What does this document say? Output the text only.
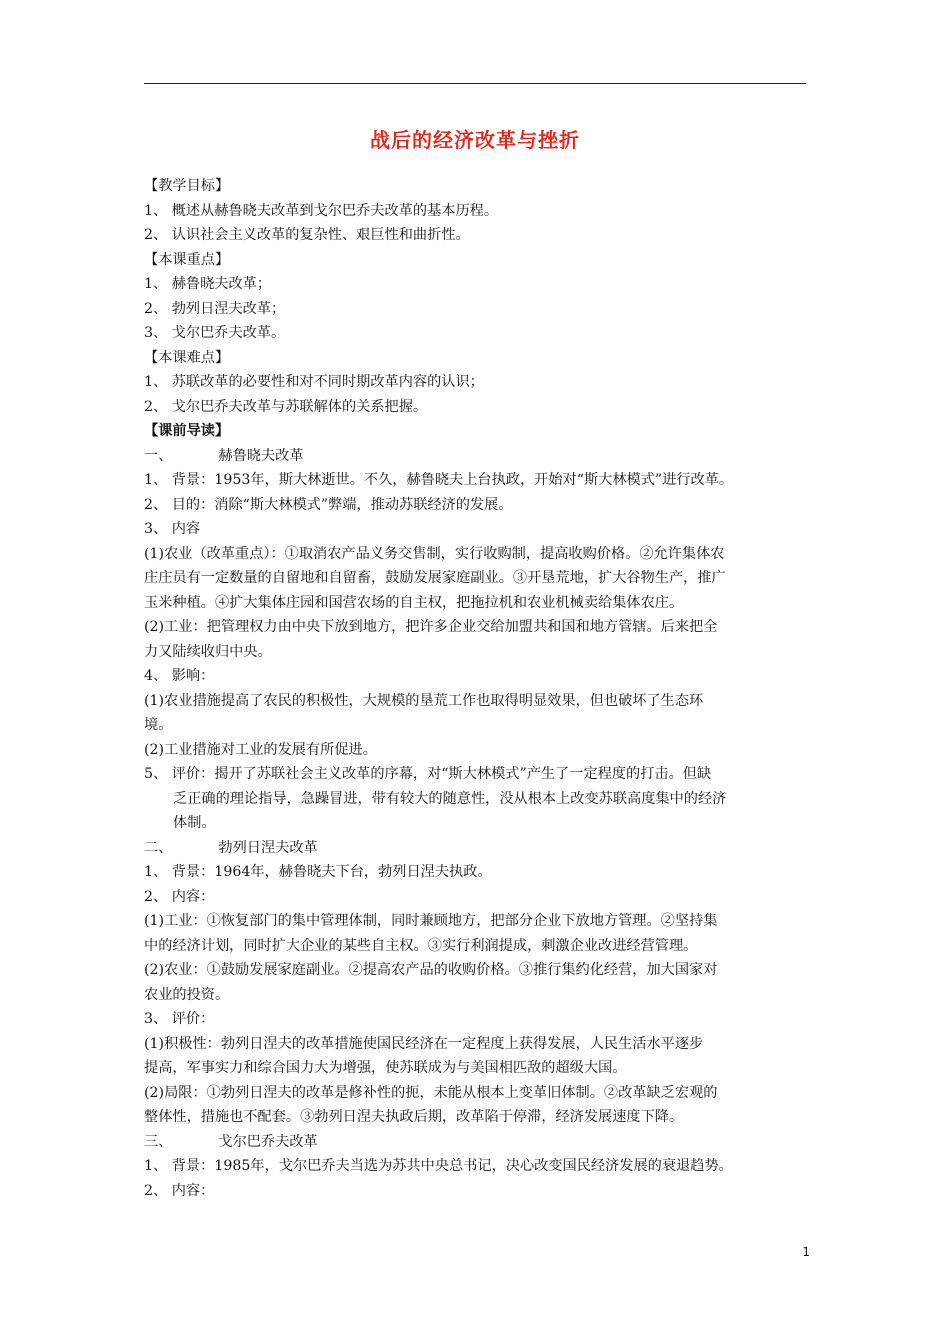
战后的经济改革与挫折
【教学目标】
1、 概述从赫鲁晓夫改革到戈尔巴乔夫改革的基本历程。
2、 认识社会主义改革的复杂性、艰巨性和曲折性。
【本课重点】
1、 赫鲁晓夫改革；
2、 勃列日涅夫改革；
3、 戈尔巴乔夫改革。
【本课难点】
1、 苏联改革的必要性和对不同时期改革内容的认识；
2、 戈尔巴乔夫改革与苏联解体的关系把握。
【课前导读】
一、	赫鲁晓夫改革
1、 背景：1953年，斯大林逝世。不久，赫鲁晓夫上台执政，开始对“斯大林模式”进行改革。
2、 目的：消除“斯大林模式”弊端，推动苏联经济的发展。
3、 内容
(1)农业（改革重点）：①取消农产品义务交售制，实行收购制，提高收购价格。②允许集体农
庄庄员有一定数量的自留地和自留畜，鼓励发展家庭副业。③开垦荒地，扩大谷物生产，推广
玉米种植。④扩大集体庄园和国营农场的自主权，把拖拉机和农业机械卖给集体农庄。
(2)工业：把管理权力由中央下放到地方，把许多企业交给加盟共和国和地方管辖。后来把全
力又陆续收归中央。
4、 影响：
(1)农业措施提高了农民的积极性，大规模的垦荒工作也取得明显效果，但也破坏了生态环
境。
(2)工业措施对工业的发展有所促进。
5、 评价：揭开了苏联社会主义改革的序幕，对“斯大林模式”产生了一定程度的打击。但缺
乏正确的理论指导，急躁冒进，带有较大的随意性，没从根本上改变苏联高度集中的经济
体制。
二、	勃列日涅夫改革
1、 背景：1964年，赫鲁晓夫下台，勃列日涅夫执政。
2、 内容：
(1)工业：①恢复部门的集中管理体制，同时兼顾地方，把部分企业下放地方管理。②坚持集
中的经济计划，同时扩大企业的某些自主权。③实行利润提成，刺激企业改进经营管理。
(2)农业：①鼓励发展家庭副业。②提高农产品的收购价格。③推行集约化经营，加大国家对
农业的投资。
3、 评价：
(1)积极性：勃列日涅夫的改革措施使国民经济在一定程度上获得发展，人民生活水平逐步
提高，军事实力和综合国力大为增强，使苏联成为与美国相匹敌的超级大国。
(2)局限：①勃列日涅夫的改革是修补性的扼，未能从根本上变革旧体制。②改革缺乏宏观的
整体性，措施也不配套。③勃列日涅夫执政后期，改革陷于停滞，经济发展速度下降。
三、	戈尔巴乔夫改革
1、 背景：1985年，戈尔巴乔夫当选为苏共中央总书记，决心改变国民经济发展的衰退趋势。
2、 内容：
1
